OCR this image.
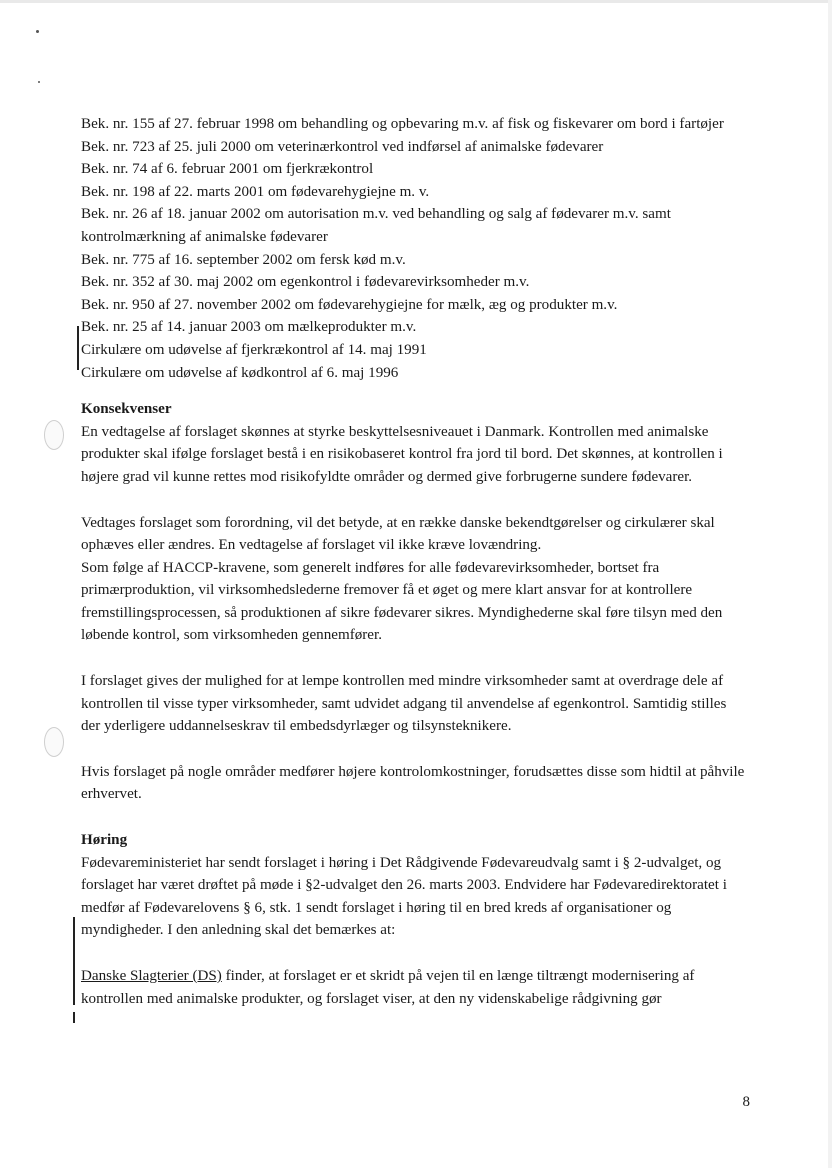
Bek. nr. 155 af 27. februar 1998 om behandling og opbevaring m.v. af fisk og fiskevarer om bord i fartøjer
Bek. nr. 723 af 25. juli 2000 om veterinærkontrol ved indførsel af animalske fødevarer
Bek. nr. 74 af 6. februar 2001 om fjerkrækontrol
Bek. nr. 198 af 22. marts 2001 om fødevarehygiejne m. v.
Bek. nr. 26 af 18. januar 2002 om autorisation m.v. ved behandling og salg af fødevarer m.v. samt kontrolmærkning af animalske fødevarer
Bek. nr. 775 af 16. september 2002 om fersk kød m.v.
Bek. nr. 352 af 30. maj 2002 om egenkontrol i fødevarevirksomheder m.v.
Bek. nr. 950 af 27. november 2002 om fødevarehygiejne for mælk, æg og produkter m.v.
Bek. nr. 25 af 14. januar 2003 om mælkeprodukter m.v.
Cirkulære om udøvelse af fjerkrækontrol af 14. maj 1991
Cirkulære om udøvelse af kødkontrol af 6. maj 1996
Konsekvenser

En vedtagelse af forslaget skønnes at styrke beskyttelsesniveauet i Danmark. Kontrollen med animalske produkter skal ifølge forslaget bestå i en risikobaseret kontrol fra jord til bord. Det skønnes, at kontrollen i højere grad vil kunne rettes mod risikofyldte områder og dermed give forbrugerne sundere fødevarer.

Vedtages forslaget som forordning, vil det betyde, at en række danske bekendtgørelser og cirkulærer skal ophæves eller ændres. En vedtagelse af forslaget vil ikke kræve lovændring.

Som følge af HACCP-kravene, som generelt indføres for alle fødevarevirksomheder, bortset fra primærproduktion, vil virksomhedslederne fremover få et øget og mere klart ansvar for at kontrollere fremstillingsprocessen, så produktionen af sikre fødevarer sikres. Myndighederne skal føre tilsyn med den løbende kontrol, som virksomheden gennemfører.

I forslaget gives der mulighed for at lempe kontrollen med mindre virksomheder samt at overdrage dele af kontrollen til visse typer virksomheder, samt udvidet adgang til anvendelse af egenkontrol. Samtidig stilles der yderligere uddannelseskrav til embedsdyrlæger og tilsynsteknikere.

Hvis forslaget på nogle områder medfører højere kontrolomkostninger, forudsættes disse som hidtil at påhvile erhvervet.

Høring

Fødevareministeriet har sendt forslaget i høring i Det Rådgivende Fødevareudvalg samt i § 2-udvalget, og forslaget har været drøftet på møde i §2-udvalget den 26. marts 2003. Endvidere har Fødevaredirektoratet i medfør af Fødevarelovens § 6, stk. 1 sendt forslaget i høring til en bred kreds af organisationer og myndigheder. I den anledning skal det bemærkes at:

Danske Slagterier (DS) finder, at forslaget er et skridt på vejen til en længe tiltrængt modernisering af kontrollen med animalske produkter, og forslaget viser, at den ny videnskabelige rådgivning gør

8
